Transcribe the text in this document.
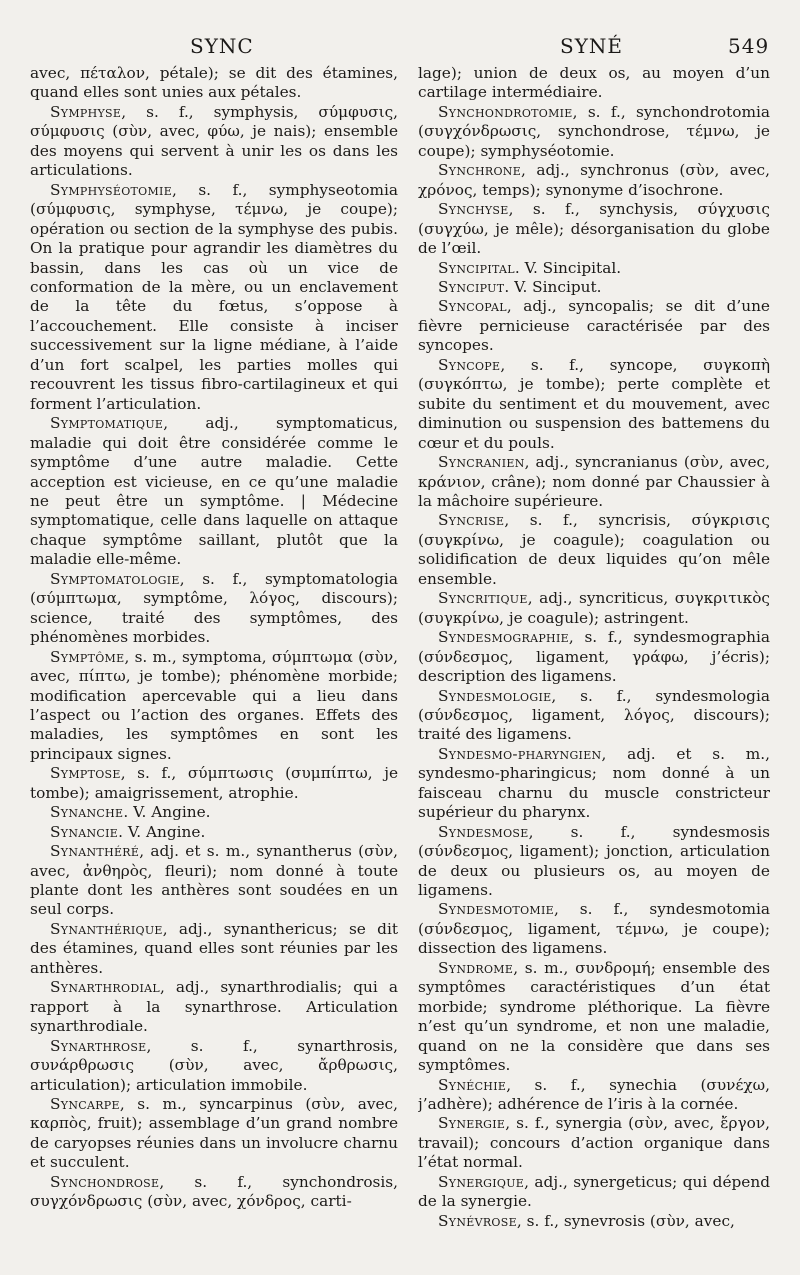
SYNC	SYNÉ	549

avec, πέταλον, pétale); se dit des étamines, quand elles sont unies aux pétales.

Symphyse, s. f., symphysis, σύμφυσις, σύμφυσις (σὺν, avec, φύω, je nais); ensemble des moyens qui servent à unir les os dans les articulations.

Symphyséotomie, s. f., symphyseotomia (σύμφυσις, symphyse, τέμνω, je coupe); opération ou section de la symphyse des pubis. On la pratique pour agrandir les diamètres du bassin, dans les cas où un vice de conformation de la mère, ou un enclavement de la tête du fœtus, s’oppose à l’accouchement. Elle consiste à inciser successivement sur la ligne médiane, à l’aide d’un fort scalpel, les parties molles qui recouvrent les tissus fibro-cartilagineux et qui forment l’articulation.

Symptomatique, adj., symptomaticus, maladie qui doit être considérée comme le symptôme d’une autre maladie. Cette acception est vicieuse, en ce qu’une maladie ne peut être un symptôme. | Médecine symptomatique, celle dans laquelle on attaque chaque symptôme saillant, plutôt que la maladie elle-même.

Symptomatologie, s. f., symptomatologia (σύμπτωμα, symptôme, λόγος, discours); science, traité des symptômes, des phénomènes morbides.

Symptôme, s. m., symptoma, σύμπτωμα (σὺν, avec, πίπτω, je tombe); phénomène morbide; modification apercevable qui a lieu dans l’aspect ou l’action des organes. Effets des maladies, les symptômes en sont les principaux signes.

Symptose, s. f., σύμπτωσις (συμπίπτω, je tombe); amaigrissement, atrophie.

Synanche. V. Angine.

Synancie. V. Angine.

Synanthéré, adj. et s. m., synantherus (σὺν, avec, ἀνθηρὸς, fleuri); nom donné à toute plante dont les anthères sont soudées en un seul corps.

Synanthérique, adj., synanthericus; se dit des étamines, quand elles sont réunies par les anthères.

Synarthrodial, adj., synarthrodialis; qui a rapport à la synarthrose. Articulation synarthrodiale.

Synarthrose, s. f., synarthrosis, συνάρθρωσις (σὺν, avec, ἄρθρωσις, articulation); articulation immobile.

Syncarpe, s. m., syncarpinus (σὺν, avec, καρπὸς, fruit); assemblage d’un grand nombre de caryopses réunies dans un involucre charnu et succulent.

Synchondrose, s. f., synchondrosis, συγχόνδρωσις (σὺν, avec, χόνδρος, carti-

lage); union de deux os, au moyen d’un cartilage intermédiaire.

Synchondrotomie, s. f., synchondrotomia (συγχόνδρωσις, synchondrose, τέμνω, je coupe); symphyséotomie.

Synchrone, adj., synchronus (σὺν, avec, χρόνος, temps); synonyme d’isochrone.

Synchyse, s. f., synchysis, σύγχυσις (συγχύω, je mêle); désorganisation du globe de l’œil.

Syncipital. V. Sincipital.

Synciput. V. Sinciput.

Syncopal, adj., syncopalis; se dit d’une fièvre pernicieuse caractérisée par des syncopes.

Syncope, s. f., syncope, συγκοπὴ (συγκόπτω, je tombe); perte complète et subite du sentiment et du mouvement, avec diminution ou suspension des battemens du cœur et du pouls.

Syncranien, adj., syncranianus (σὺν, avec, κράνιον, crâne); nom donné par Chaussier à la mâchoire supérieure.

Syncrise, s. f., syncrisis, σύγκρισις (συγκρίνω, je coagule); coagulation ou solidification de deux liquides qu’on mêle ensemble.

Syncritique, adj., syncriticus, συγκριτικὸς (συγκρίνω, je coagule); astringent.

Syndesmographie, s. f., syndesmographia (σύνδεσμος, ligament, γράφω, j’écris); description des ligamens.

Syndesmologie, s. f., syndesmologia (σύνδεσμος, ligament, λόγος, discours); traité des ligamens.

Syndesmo-pharyngien, adj. et s. m., syndesmo-pharingicus; nom donné à un faisceau charnu du muscle constricteur supérieur du pharynx.

Syndesmose, s. f., syndesmosis (σύνδεσμος, ligament); jonction, articulation de deux ou plusieurs os, au moyen de ligamens.

Syndesmotomie, s. f., syndesmotomia (σύνδεσμος, ligament, τέμνω, je coupe); dissection des ligamens.

Syndrome, s. m., συνδρομή; ensemble des symptômes caractéristiques d’un état morbide; syndrome pléthorique. La fièvre n’est qu’un syndrome, et non une maladie, quand on ne la considère que dans ses symptômes.

Synéchie, s. f., synechia (συνέχω, j’adhère); adhérence de l’iris à la cornée.

Synergie, s. f., synergia (σὺν, avec, ἔργον, travail); concours d’action organique dans l’état normal.

Synergique, adj., synergeticus; qui dépend de la synergie.

Synévrose, s. f., synevrosis (σὺν, avec,
